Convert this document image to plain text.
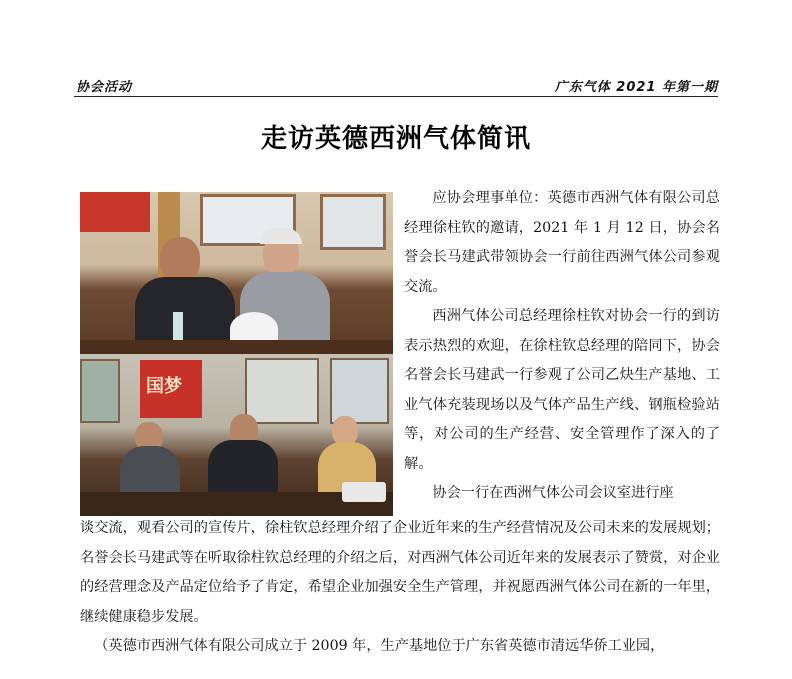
协会活动	广东气体 2021 年第一期
走访英德西洲气体简讯
国梦

应协会理事单位：英德市西洲气体有限公司总经理徐柱钦的邀请，2021 年 1 月 12 日，协会名誉会长马建武带领协会一行前往西洲气体公司参观交流。

西洲气体公司总经理徐柱钦对协会一行的到访表示热烈的欢迎，在徐柱钦总经理的陪同下，协会名誉会长马建武一行参观了公司乙炔生产基地、工业气体充装现场以及气体产品生产线、钢瓶检验站等，对公司的生产经营、安全管理作了深入的了解。

协会一行在西洲气体公司会议室进行座

谈交流，观看公司的宣传片，徐柱钦总经理介绍了企业近年来的生产经营情况及公司未来的发展规划；名誉会长马建武等在听取徐柱钦总经理的介绍之后，对西洲气体公司近年来的发展表示了赞赏，对企业的经营理念及产品定位给予了肯定，希望企业加强安全生产管理，并祝愿西洲气体公司在新的一年里，继续健康稳步发展。

（英德市西洲气体有限公司成立于 2009 年，生产基地位于广东省英德市清远华侨工业园，
